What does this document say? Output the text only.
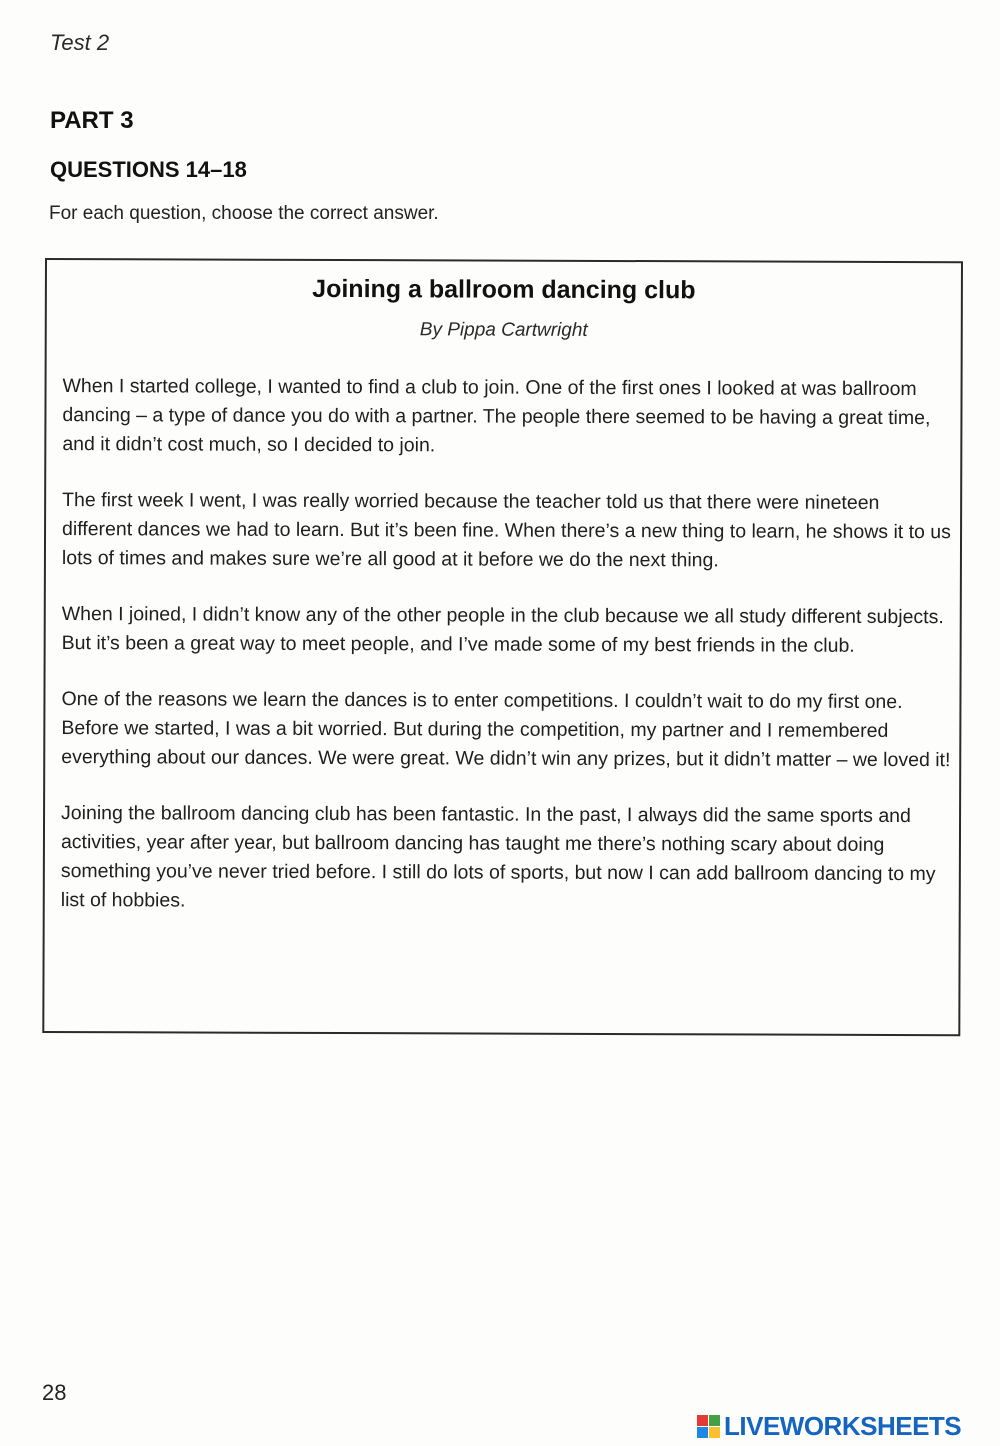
Test 2
PART 3
QUESTIONS 14–18
For each question, choose the correct answer.
Joining a ballroom dancing club
By Pippa Cartwright

When I started college, I wanted to find a club to join. One of the first ones I looked at was ballroom dancing – a type of dance you do with a partner. The people there seemed to be having a great time, and it didn’t cost much, so I decided to join.

The first week I went, I was really worried because the teacher told us that there were nineteen different dances we had to learn. But it’s been fine. When there’s a new thing to learn, he shows it to us lots of times and makes sure we’re all good at it before we do the next thing.

When I joined, I didn’t know any of the other people in the club because we all study different subjects. But it’s been a great way to meet people, and I’ve made some of my best friends in the club.

One of the reasons we learn the dances is to enter competitions. I couldn’t wait to do my first one. Before we started, I was a bit worried. But during the competition, my partner and I remembered everything about our dances. We were great. We didn’t win any prizes, but it didn’t matter – we loved it!

Joining the ballroom dancing club has been fantastic. In the past, I always did the same sports and activities, year after year, but ballroom dancing has taught me there’s nothing scary about doing something you’ve never tried before. I still do lots of sports, but now I can add ballroom dancing to my list of hobbies.

28
LIVEWORKSHEETS
